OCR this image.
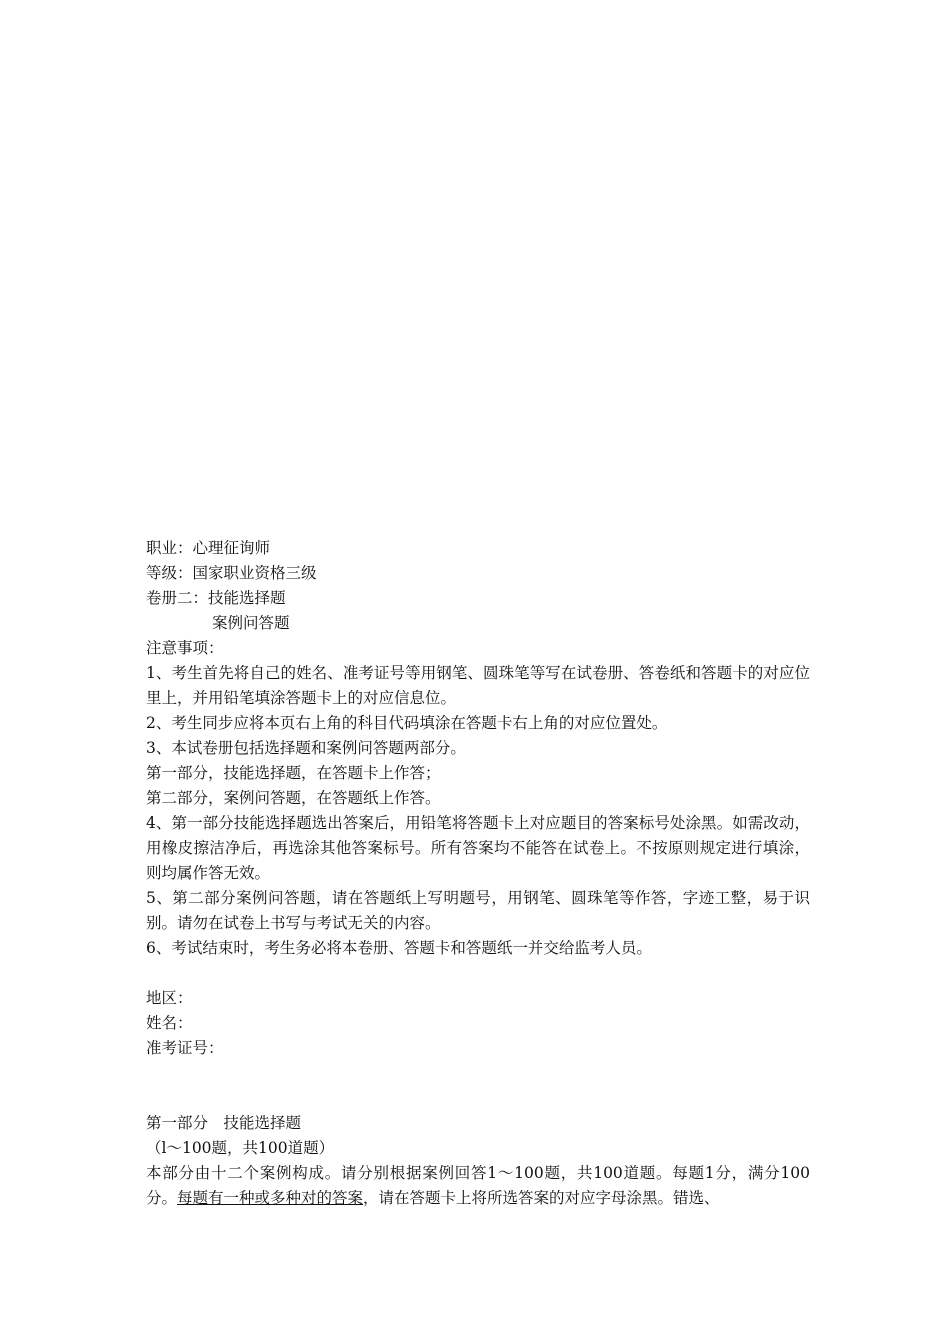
职业：心理征询师

等级：国家职业资格三级

卷册二：技能选择题

案例问答题

注意事项：

1、考生首先将自己的姓名、准考证号等用钢笔、圆珠笔等写在试卷册、答卷纸和答题卡的对应位里上，并用铅笔填涂答题卡上的对应信息位。

2、考生同步应将本页右上角的科目代码填涂在答题卡右上角的对应位置处。

3、本试卷册包括选择题和案例问答题两部分。

第一部分，技能选择题，在答题卡上作答；

第二部分，案例问答题，在答题纸上作答。

4、第一部分技能选择题选出答案后，用铅笔将答题卡上对应题目的答案标号处涂黑。如需改动，用橡皮擦洁净后，再选涂其他答案标号。所有答案均不能答在试卷上。不按原则规定进行填涂，则均属作答无效。

5、第二部分案例问答题，请在答题纸上写明题号，用钢笔、圆珠笔等作答，字迹工整，易于识别。请勿在试卷上书写与考试无关的内容。

6、考试结束时，考生务必将本卷册、答题卡和答题纸一并交给监考人员。

地区：

姓名：

准考证号：

第一部分　技能选择题

（l～100题，共100道题）

本部分由十二个案例构成。请分别根据案例回答1～100题，共100道题。每题1分，满分100分。每题有一种或多种对的答案，请在答题卡上将所选答案的对应字母涂黑。错选、
